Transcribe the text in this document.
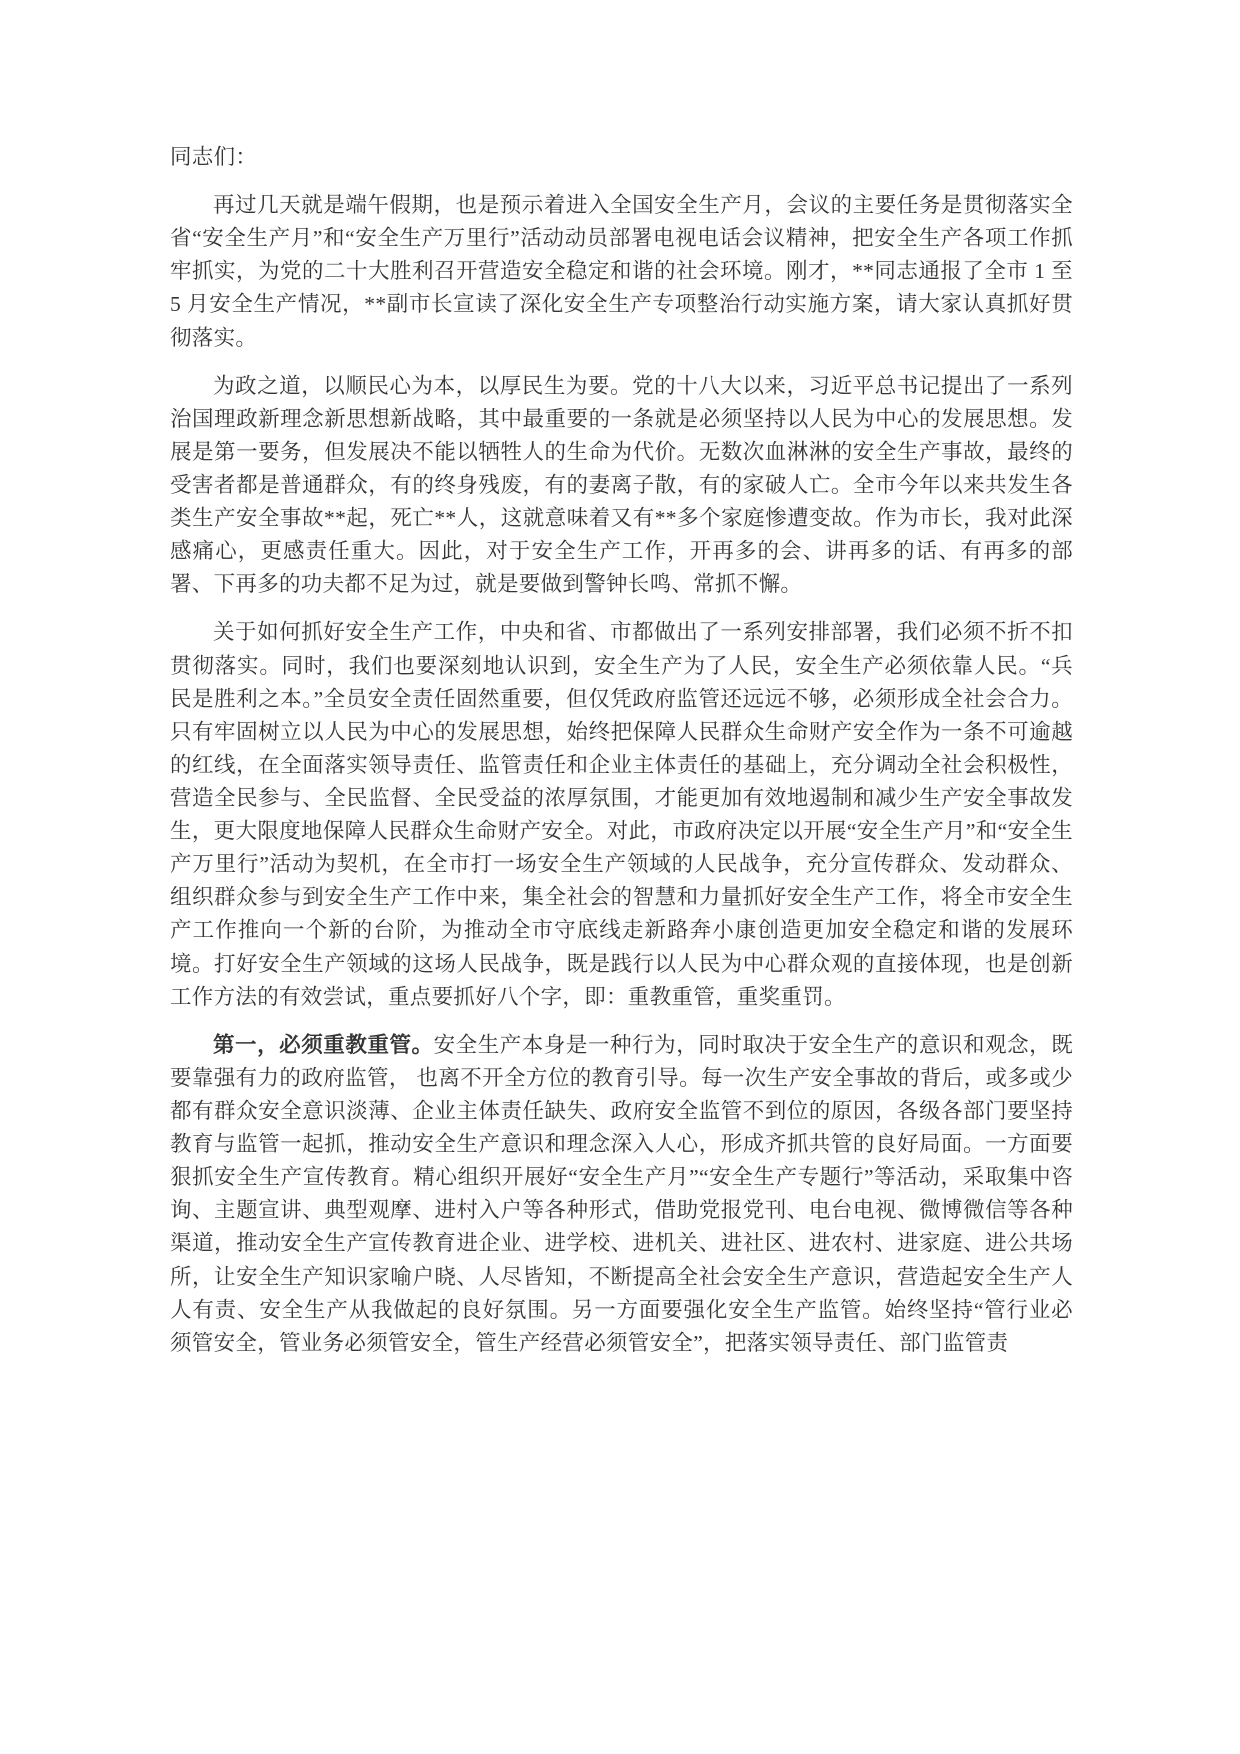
同志们：

再过几天就是端午假期，也是预示着进入全国安全生产月，会议的主要任务是贯彻落实全省“安全生产月”和“安全生产万里行”活动动员部署电视电话会议精神，把安全生产各项工作抓牢抓实，为党的二十大胜利召开营造安全稳定和谐的社会环境。刚才，**同志通报了全市 1 至 5 月安全生产情况，**副市长宣读了深化安全生产专项整治行动实施方案，请大家认真抓好贯彻落实。

为政之道，以顺民心为本，以厚民生为要。党的十八大以来，习近平总书记提出了一系列治国理政新理念新思想新战略，其中最重要的一条就是必须坚持以人民为中心的发展思想。发展是第一要务，但发展决不能以牺牲人的生命为代价。无数次血淋淋的安全生产事故，最终的受害者都是普通群众，有的终身残废，有的妻离子散，有的家破人亡。全市今年以来共发生各类生产安全事故**起，死亡**人，这就意味着又有**多个家庭惨遭变故。作为市长，我对此深感痛心，更感责任重大。因此，对于安全生产工作，开再多的会、讲再多的话、有再多的部署、下再多的功夫都不足为过，就是要做到警钟长鸣、常抓不懈。

关于如何抓好安全生产工作，中央和省、市都做出了一系列安排部署，我们必须不折不扣贯彻落实。同时，我们也要深刻地认识到，安全生产为了人民，安全生产必须依靠人民。“兵民是胜利之本。”全员安全责任固然重要，但仅凭政府监管还远远不够，必须形成全社会合力。只有牢固树立以人民为中心的发展思想，始终把保障人民群众生命财产安全作为一条不可逾越的红线，在全面落实领导责任、监管责任和企业主体责任的基础上，充分调动全社会积极性，营造全民参与、全民监督、全民受益的浓厚氛围，才能更加有效地遏制和减少生产安全事故发生，更大限度地保障人民群众生命财产安全。对此，市政府决定以开展“安全生产月”和“安全生产万里行”活动为契机，在全市打一场安全生产领域的人民战争，充分宣传群众、发动群众、组织群众参与到安全生产工作中来，集全社会的智慧和力量抓好安全生产工作，将全市安全生产工作推向一个新的台阶，为推动全市守底线走新路奔小康创造更加安全稳定和谐的发展环境。打好安全生产领域的这场人民战争，既是践行以人民为中心群众观的直接体现，也是创新工作方法的有效尝试，重点要抓好八个字，即：重教重管，重奖重罚。

第一，必须重教重管。安全生产本身是一种行为，同时取决于安全生产的意识和观念，既要靠强有力的政府监管， 也离不开全方位的教育引导。每一次生产安全事故的背后，或多或少都有群众安全意识淡薄、企业主体责任缺失、政府安全监管不到位的原因，各级各部门要坚持教育与监管一起抓，推动安全生产意识和理念深入人心，形成齐抓共管的良好局面。一方面要狠抓安全生产宣传教育。精心组织开展好“安全生产月”“安全生产专题行”等活动，采取集中咨询、主题宣讲、典型观摩、进村入户等各种形式，借助党报党刊、电台电视、微博微信等各种渠道，推动安全生产宣传教育进企业、进学校、进机关、进社区、进农村、进家庭、进公共场所，让安全生产知识家喻户晓、人尽皆知，不断提高全社会安全生产意识，营造起安全生产人人有责、安全生产从我做起的良好氛围。另一方面要强化安全生产监管。始终坚持“管行业必须管安全，管业务必须管安全，管生产经营必须管安全”，把落实领导责任、部门监管责
